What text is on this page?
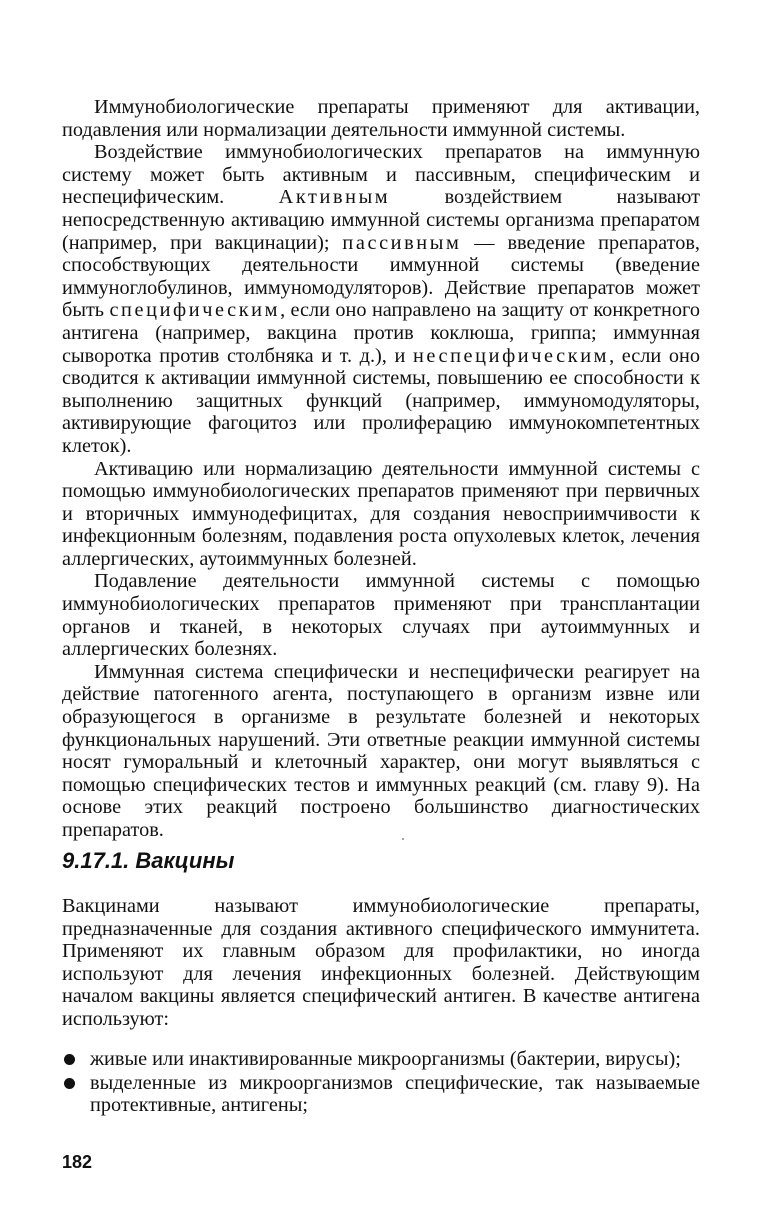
Иммунобиологические препараты применяют для активации, подавления или нормализации деятельности иммунной системы.

Воздействие иммунобиологических препаратов на иммунную систему может быть активным и пассивным, специфическим и неспецифическим. Активным воздействием называют непосредственную активацию иммунной системы организма препаратом (например, при вакцинации); пассивным — введение препаратов, способствующих деятельности иммунной системы (введение иммуноглобулинов, иммуномодуляторов). Действие препаратов может быть специфическим, если оно направлено на защиту от конкретного антигена (например, вакцина против коклюша, гриппа; иммунная сыворотка против столбняка и т. д.), и неспецифическим, если оно сводится к активации иммунной системы, повышению ее способности к выполнению защитных функций (например, иммуномодуляторы, активирующие фагоцитоз или пролиферацию иммунокомпетентных клеток).

Активацию или нормализацию деятельности иммунной системы с помощью иммунобиологических препаратов применяют при первичных и вторичных иммунодефицитах, для создания невосприимчивости к инфекционным болезням, подавления роста опухолевых клеток, лечения аллергических, аутоиммунных болезней.

Подавление деятельности иммунной системы с помощью иммунобиологических препаратов применяют при трансплантации органов и тканей, в некоторых случаях при аутоиммунных и аллергических болезнях.

Иммунная система специфически и неспецифически реагирует на действие патогенного агента, поступающего в организм извне или образующегося в организме в результате болезней и некоторых функциональных нарушений. Эти ответные реакции иммунной системы носят гуморальный и клеточный характер, они могут выявляться с помощью специфических тестов и иммунных реакций (см. главу 9). На основе этих реакций построено большинство диагностических препаратов.

9.17.1. Вакцины

Вакцинами называют иммунобиологические препараты, предназначенные для создания активного специфического иммунитета. Применяют их главным образом для профилактики, но иногда используют для лечения инфекционных болезней. Действующим началом вакцины является специфический антиген. В качестве антигена используют:

живые или инактивированные микроорганизмы (бактерии, вирусы);
выделенные из микроорганизмов специфические, так называемые протективные, антигены;
182
